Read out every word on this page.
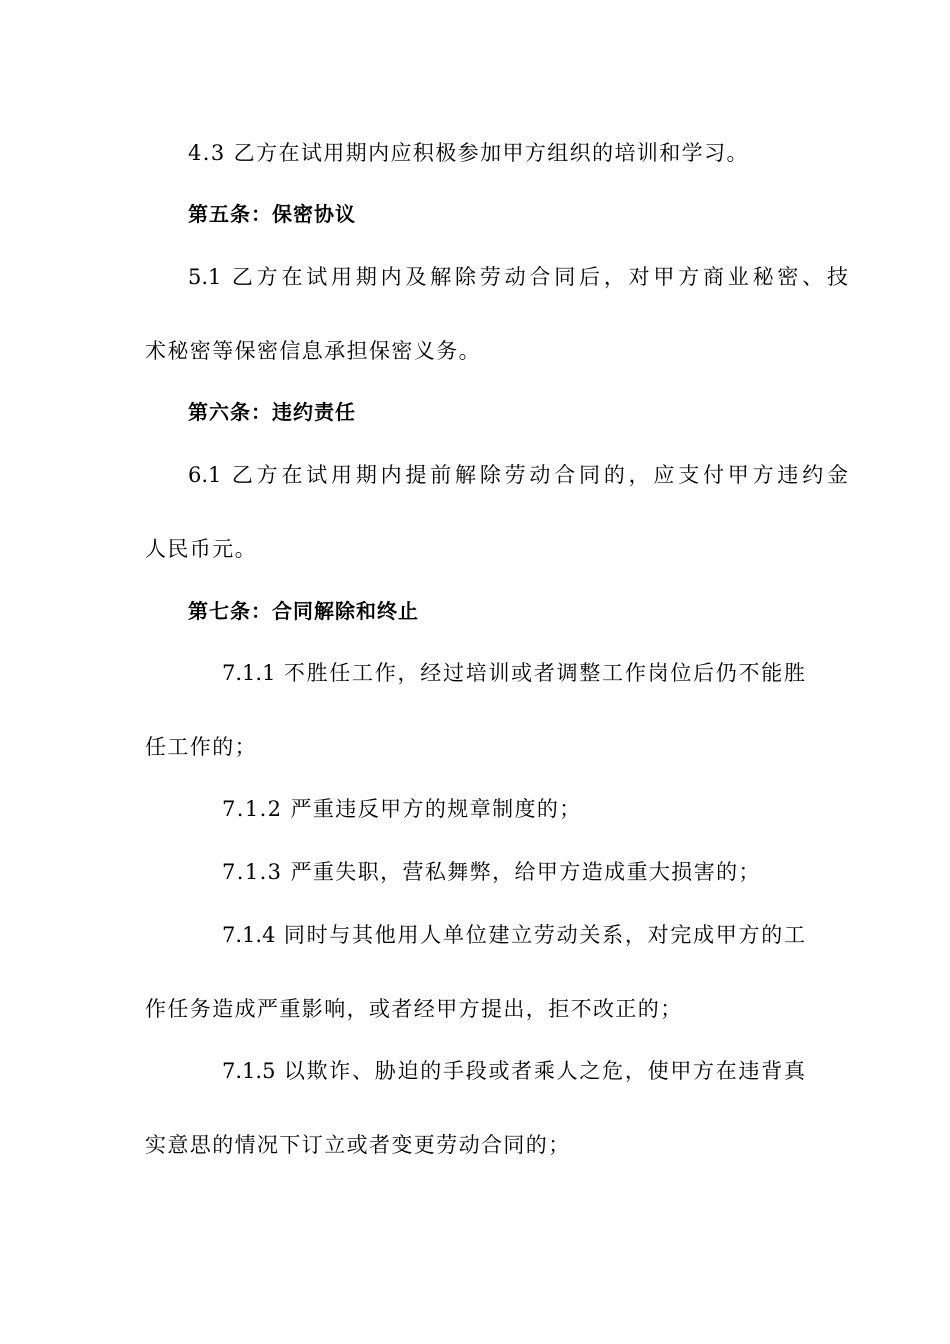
4.3 乙方在试用期内应积极参加甲方组织的培训和学习。
第五条：保密协议
5.1 乙方在试用期内及解除劳动合同后，对甲方商业秘密、技
术秘密等保密信息承担保密义务。
第六条：违约责任
6.1 乙方在试用期内提前解除劳动合同的，应支付甲方违约金
人民币元。
第七条：合同解除和终止
7.1.1 不胜任工作，经过培训或者调整工作岗位后仍不能胜
任工作的；
7.1.2 严重违反甲方的规章制度的；
7.1.3 严重失职，营私舞弊，给甲方造成重大损害的；
7.1.4 同时与其他用人单位建立劳动关系，对完成甲方的工
作任务造成严重影响，或者经甲方提出，拒不改正的；
7.1.5 以欺诈、胁迫的手段或者乘人之危，使甲方在违背真
实意思的情况下订立或者变更劳动合同的；
